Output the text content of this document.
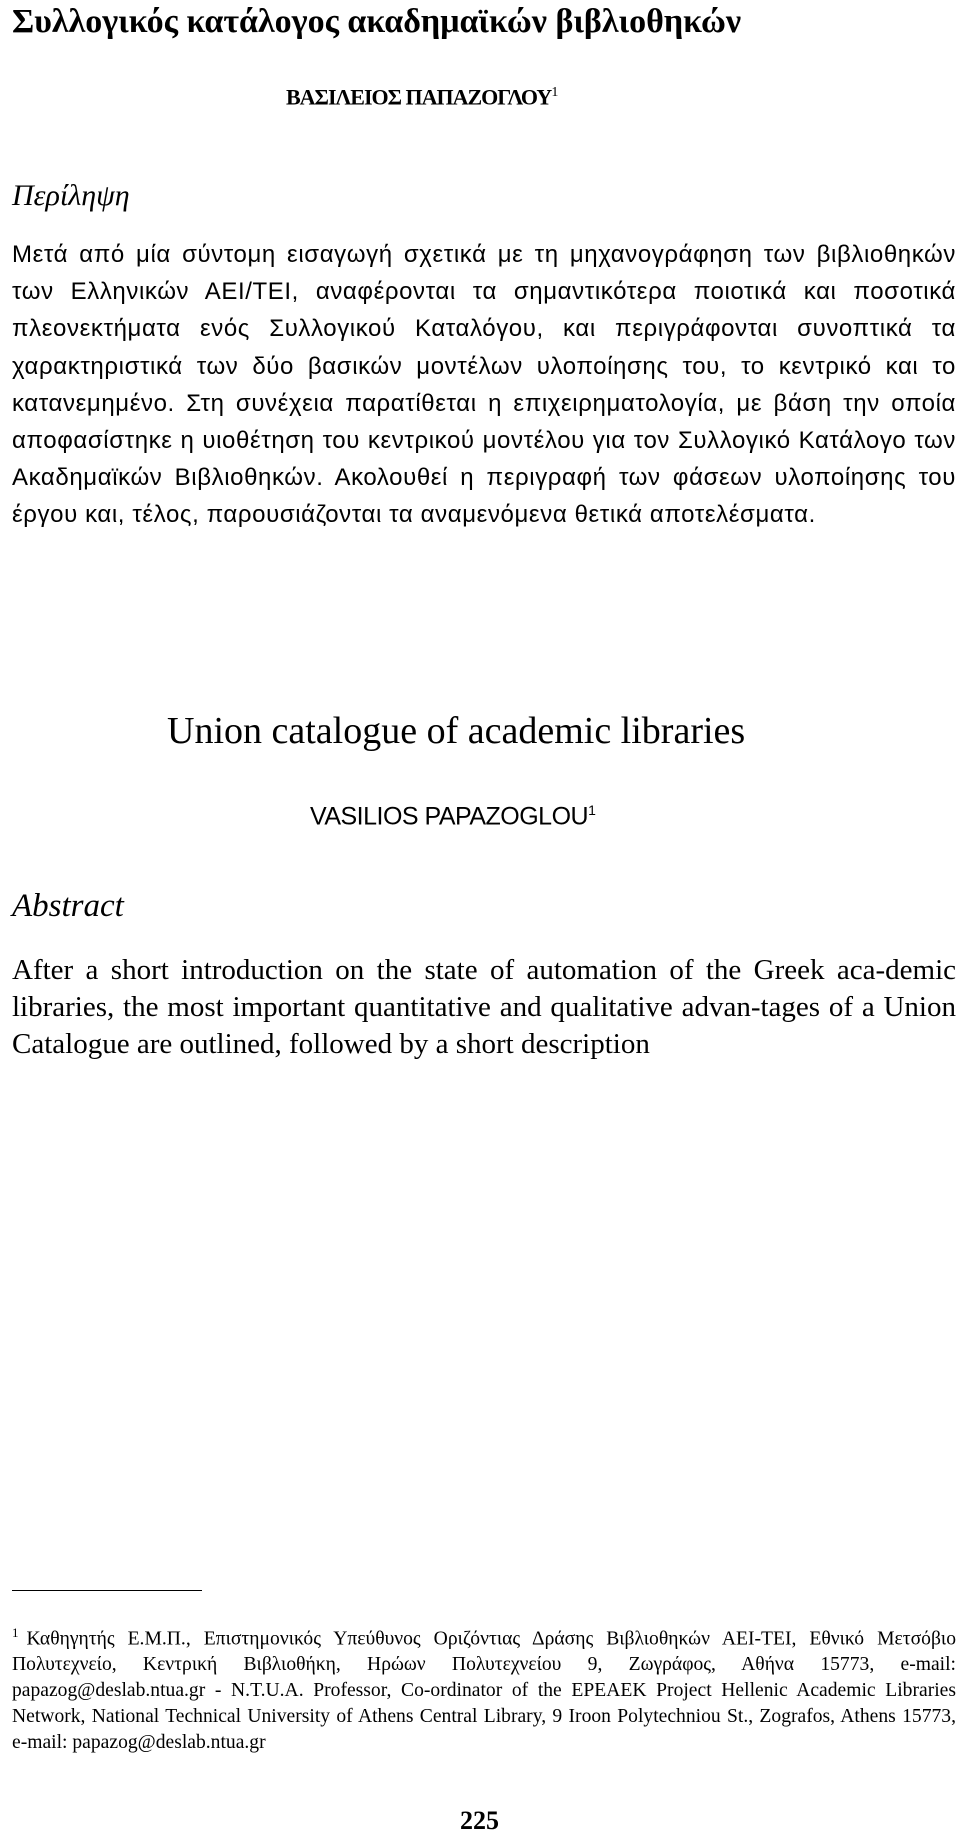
Συλλογικός κατάλογος ακαδημαϊκών βιβλιοθηκών
ΒΑΣΙΛΕΙΟΣ ΠΑΠΑΖΟΓΛΟΥ$^1$
Περίληψη

Μετά από μία σύντομη εισαγωγή σχετικά με τη μηχανογράφηση των βιβλιοθηκών των Ελληνικών ΑΕΙ/ΤΕΙ, αναφέρονται τα σημαντικότερα ποιοτικά και ποσοτικά πλεονεκτήματα ενός Συλλογικού Καταλόγου, και περιγράφονται συνοπτικά τα χαρακτηριστικά των δύο βασικών μοντέλων υλοποίησης του, το κεντρικό και το κατανεμημένο. Στη συνέχεια παρατίθεται η επιχειρηματολογία, με βάση την οποία αποφασίστηκε η υιοθέτηση του κεντρικού μοντέλου για τον Συλλογικό Κατάλογο των Ακαδημαϊκών Βιβλιοθηκών. Ακολουθεί η περιγραφή των φάσεων υλοποίησης του έργου και, τέλος, παρουσιάζονται τα αναμενόμενα θετικά αποτελέσματα.

Union catalogue of academic libraries
VASILIOS PAPAZOGLOU$^1$
Abstract

After a short introduction on the state of automation of the Greek aca-demic libraries, the most important quantitative and qualitative advan-tages of a Union Catalogue are outlined, followed by a short description

$^1$ Καθηγητής Ε.Μ.Π., Επιστημονικός Υπεύθυνος Οριζόντιας Δράσης Βιβλιοθηκών ΑΕΙ-ΤΕΙ, Εθνικό Μετσόβιο Πολυτεχνείο, Κεντρική Βιβλιοθήκη, Ηρώων Πολυτεχνείου 9, Ζωγράφος, Αθήνα 15773, e-mail: papazog@deslab.ntua.gr - N.T.U.A. Professor, Co-ordinator of the EPEAEK Project Hellenic Academic Libraries Network, National Technical University of Athens Central Library, 9 Iroon Polytechniou St., Zografos, Athens 15773, e-mail: papazog@deslab.ntua.gr

225
